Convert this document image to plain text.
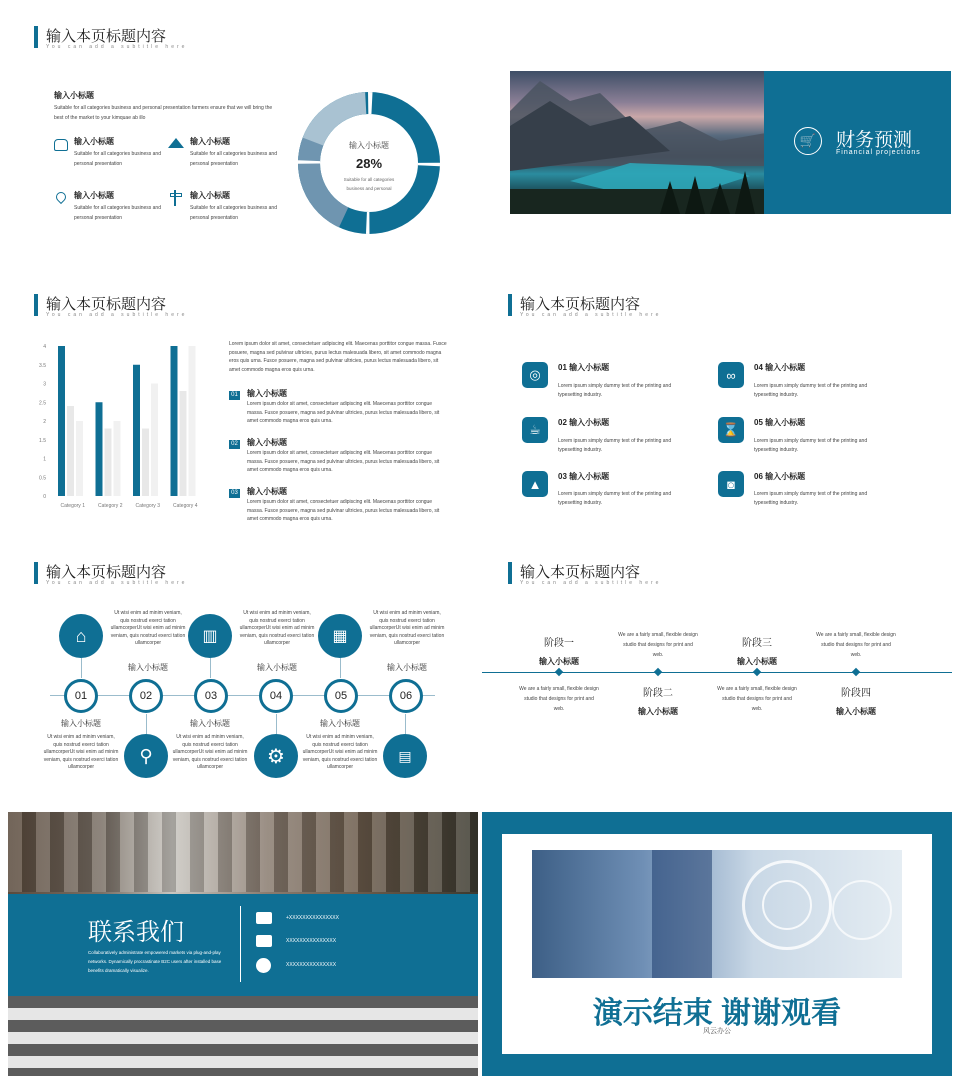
输入本页标题内容
You can add a subtitle here
输入小标题
Suitable for all categories business and personal presentation farmers ensure that we will bring the best of the market to your kimquae ab illo
输入小标题
Suitable for all categories business and personal presentation
输入小标题
Suitable for all categories business and personal presentation
输入小标题
Suitable for all categories business and personal presentation
输入小标题
Suitable for all categories business and personal presentation
输入小标题
28%
Suitable for all categories business and personal
🛒	财务预测
Financial projections
输入本页标题内容
You can add a subtitle here
0
0.5
1
1.5
2
2.5
3
3.5
4
Category 1	Category 2	Category 3	Category 4
Lorem ipsum dolor sit amet, consectetuer adipiscing elit. Maecenas porttitor congue massa. Fusce posuere, magna sed pulvinar ultricies, purus lectus malesuada libero, sit amet commodo magna eros quis urna. Fusce posuere, magna sed pulvinar ultricies, purus lectus malesuada libero, sit amet commodo magna eros quis urna.
01 输入小标题
Lorem ipsum dolor sit amet, consectetuer adipiscing elit. Maecenas porttitor congue massa. Fusce posuere, magna sed pulvinar ultricies, purus lectus malesuada libero, sit amet commodo magna eros quis urna.
02 输入小标题
Lorem ipsum dolor sit amet, consectetuer adipiscing elit. Maecenas porttitor congue massa. Fusce posuere, magna sed pulvinar ultricies, purus lectus malesuada libero, sit amet commodo magna eros quis urna.
03 输入小标题
Lorem ipsum dolor sit amet, consectetuer adipiscing elit. Maecenas porttitor congue massa. Fusce posuere, magna sed pulvinar ultricies, purus lectus malesuada libero, sit amet commodo magna eros quis urna.
输入本页标题内容
You can add a subtitle here
◎	01 输入小标题
Lorem ipsum simply dummy text of the printing and typesetting industry.
∞	04 输入小标题
Lorem ipsum simply dummy text of the printing and typesetting industry.
☕	02 输入小标题
Lorem ipsum simply dummy text of the printing and typesetting industry.
⌛	05 输入小标题
Lorem ipsum simply dummy text of the printing and typesetting industry.
▲	03 输入小标题
Lorem ipsum simply dummy text of the printing and typesetting industry.
◙	06 输入小标题
Lorem ipsum simply dummy text of the printing and typesetting industry.
输入本页标题内容
You can add a subtitle here
⌂	▥	▦
⚲	⚙	▤
01	02	03	04	05	06
Ut wisi enim ad minim veniam, quis nostrud exerci tation ullamcorperUt wisi enim ad minim veniam, quis nostrud exerci tation ullamcorper
Ut wisi enim ad minim veniam, quis nostrud exerci tation ullamcorperUt wisi enim ad minim veniam, quis nostrud exerci tation ullamcorper
Ut wisi enim ad minim veniam, quis nostrud exerci tation ullamcorperUt wisi enim ad minim veniam, quis nostrud exerci tation ullamcorper
输入小标题	输入小标题	输入小标题
输入小标题	输入小标题	输入小标题
Ut wisi enim ad minim veniam, quis nostrud exerci tation ullamcorperUt wisi enim ad minim veniam, quis nostrud exerci tation ullamcorper
Ut wisi enim ad minim veniam, quis nostrud exerci tation ullamcorperUt wisi enim ad minim veniam, quis nostrud exerci tation ullamcorper
Ut wisi enim ad minim veniam, quis nostrud exerci tation ullamcorperUt wisi enim ad minim veniam, quis nostrud exerci tation ullamcorper
输入本页标题内容
You can add a subtitle here
阶段一
输入小标题
We are a fairly small, flexible design studio that designs for print and web.
We are a fairly small, flexible design studio that designs for print and web.
阶段二
输入小标题
阶段三
输入小标题
We are a fairly small, flexible design studio that designs for print and web.
We are a fairly small, flexible design studio that designs for print and web.
阶段四
输入小标题
联系我们
Collaboratively administrate empowered markets via plug-and-play networks. Dynamically procrastinate B2C users after installed base benefits dramatically visualize.
+XXXXXXXXXXXXXXX
XXXXXXXXXXXXXXX
XXXXXXXXXXXXXXX
演示结束 谢谢观看
风云办公
